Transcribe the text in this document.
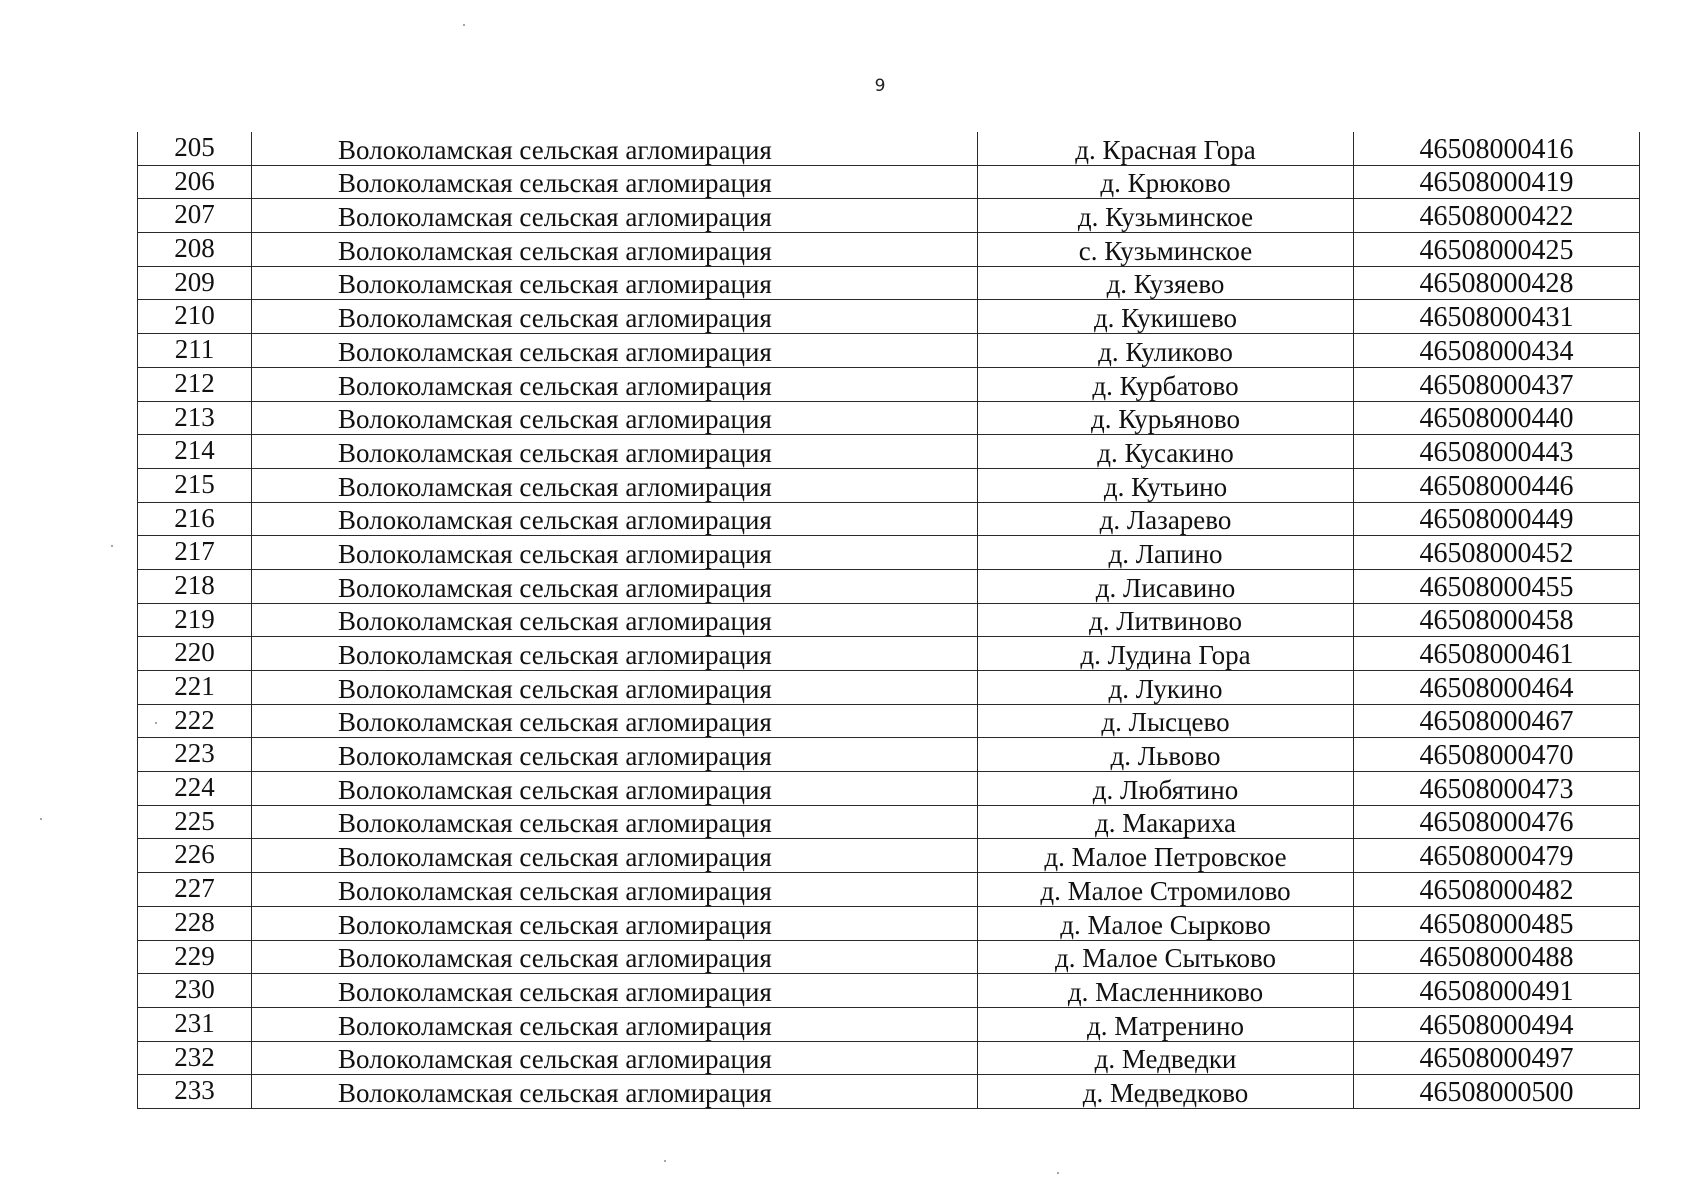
9
205	Волоколамская сельская агломирация	д. Красная Гора	46508000416
206	Волоколамская сельская агломирация	д. Крюково	46508000419
207	Волоколамская сельская агломирация	д. Кузьминское	46508000422
208	Волоколамская сельская агломирация	с. Кузьминское	46508000425
209	Волоколамская сельская агломирация	д. Кузяево	46508000428
210	Волоколамская сельская агломирация	д. Кукишево	46508000431
211	Волоколамская сельская агломирация	д. Куликово	46508000434
212	Волоколамская сельская агломирация	д. Курбатово	46508000437
213	Волоколамская сельская агломирация	д. Курьяново	46508000440
214	Волоколамская сельская агломирация	д. Кусакино	46508000443
215	Волоколамская сельская агломирация	д. Кутьино	46508000446
216	Волоколамская сельская агломирация	д. Лазарево	46508000449
217	Волоколамская сельская агломирация	д. Лапино	46508000452
218	Волоколамская сельская агломирация	д. Лисавино	46508000455
219	Волоколамская сельская агломирация	д. Литвиново	46508000458
220	Волоколамская сельская агломирация	д. Лудина Гора	46508000461
221	Волоколамская сельская агломирация	д. Лукино	46508000464
222	Волоколамская сельская агломирация	д. Лысцево	46508000467
223	Волоколамская сельская агломирация	д. Львово	46508000470
224	Волоколамская сельская агломирация	д. Любятино	46508000473
225	Волоколамская сельская агломирация	д. Макариха	46508000476
226	Волоколамская сельская агломирация	д. Малое Петровское	46508000479
227	Волоколамская сельская агломирация	д. Малое Стромилово	46508000482
228	Волоколамская сельская агломирация	д. Малое Сырково	46508000485
229	Волоколамская сельская агломирация	д. Малое Сытьково	46508000488
230	Волоколамская сельская агломирация	д. Масленниково	46508000491
231	Волоколамская сельская агломирация	д. Матренино	46508000494
232	Волоколамская сельская агломирация	д. Медведки	46508000497
233	Волоколамская сельская агломирация	д. Медведково	46508000500
